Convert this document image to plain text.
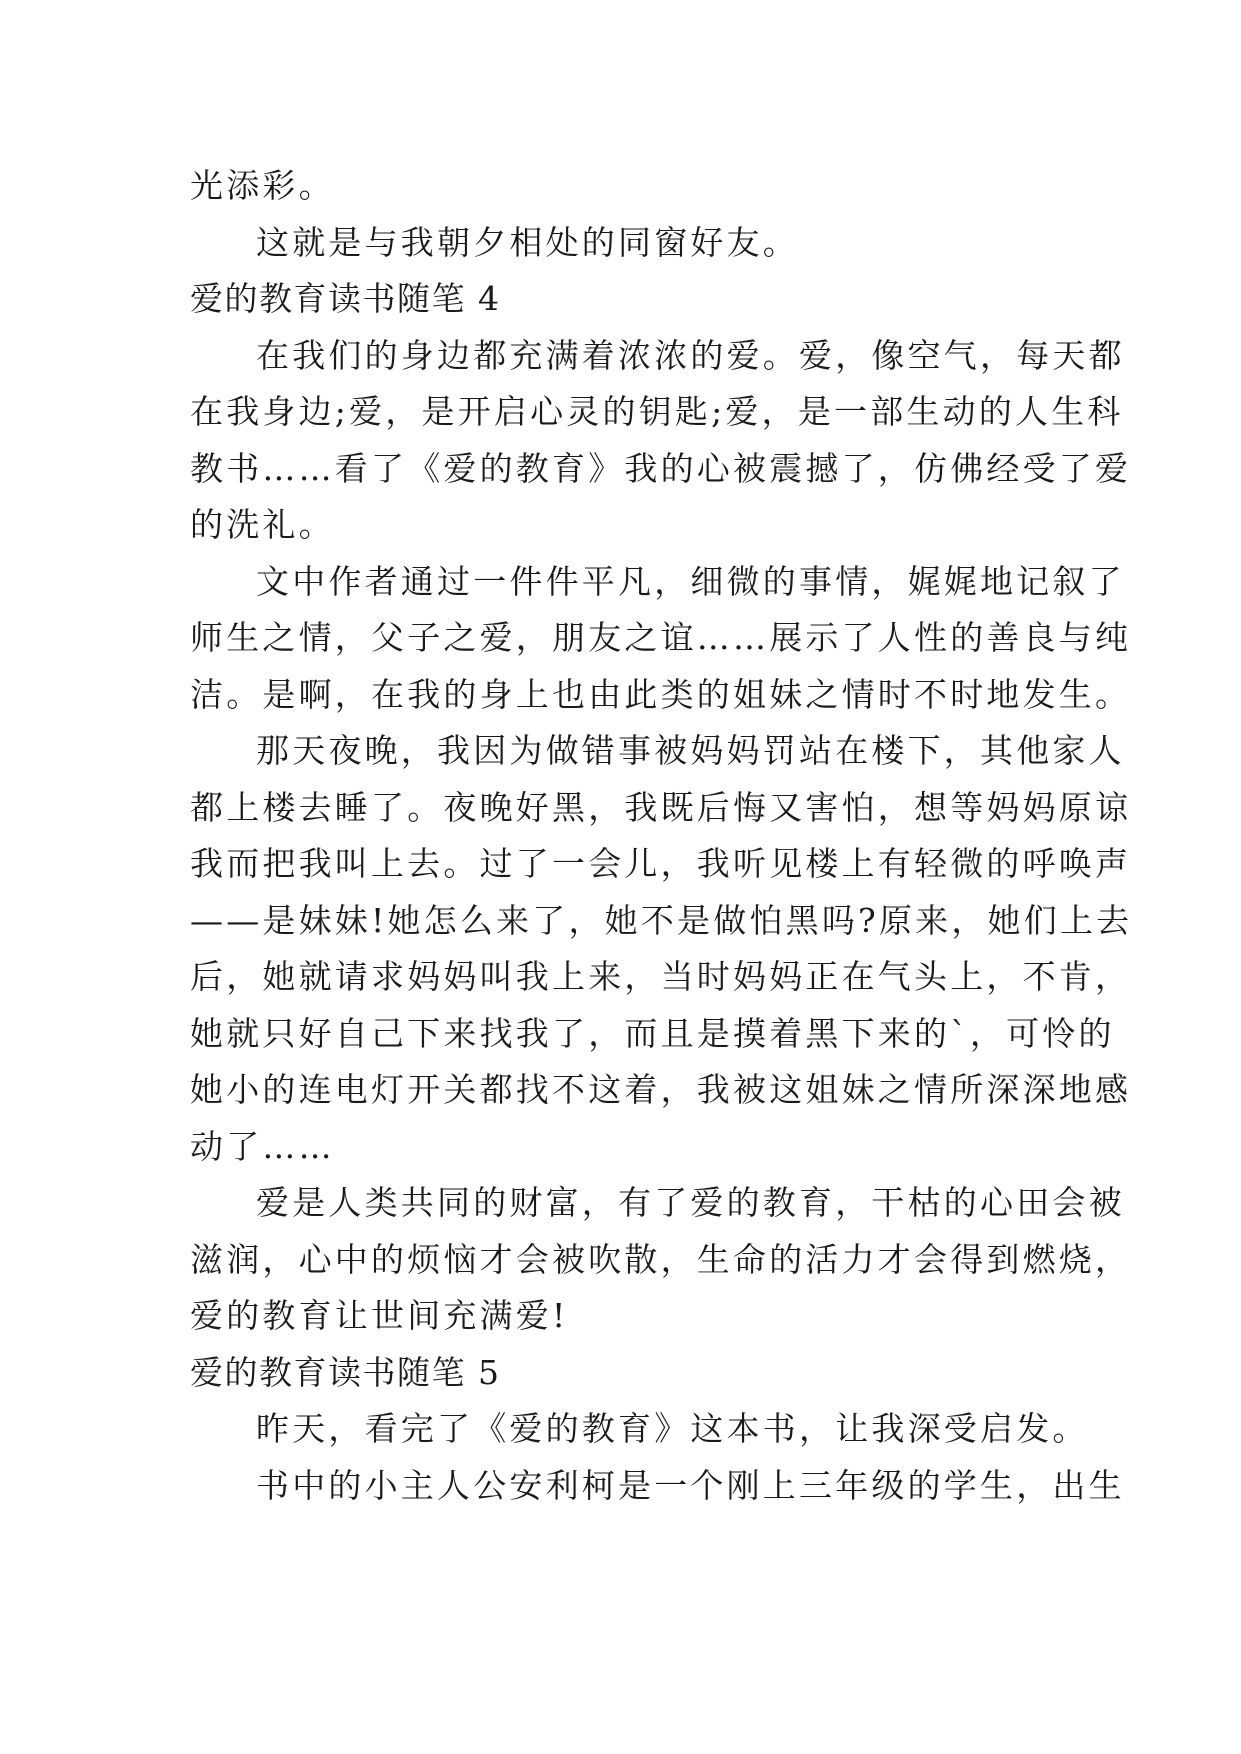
光添彩。
这就是与我朝夕相处的同窗好友。
爱的教育读书随笔 4
在我们的身边都充满着浓浓的爱。爱，像空气，每天都
在我身边;爱，是开启心灵的钥匙;爱，是一部生动的人生科
教书……看了《爱的教育》我的心被震撼了，仿佛经受了爱
的洗礼。
文中作者通过一件件平凡，细微的事情，娓娓地记叙了
师生之情，父子之爱，朋友之谊……展示了人性的善良与纯
洁。是啊，在我的身上也由此类的姐妹之情时不时地发生。
那天夜晚，我因为做错事被妈妈罚站在楼下，其他家人
都上楼去睡了。夜晚好黑，我既后悔又害怕，想等妈妈原谅
我而把我叫上去。过了一会儿，我听见楼上有轻微的呼唤声
——是妹妹!她怎么来了，她不是做怕黑吗?原来，她们上去
后，她就请求妈妈叫我上来，当时妈妈正在气头上，不肯，
她就只好自己下来找我了，而且是摸着黑下来的`，可怜的
她小的连电灯开关都找不这着，我被这姐妹之情所深深地感
动了……
爱是人类共同的财富，有了爱的教育，干枯的心田会被
滋润，心中的烦恼才会被吹散，生命的活力才会得到燃烧，
爱的教育让世间充满爱!
爱的教育读书随笔 5
昨天，看完了《爱的教育》这本书，让我深受启发。
书中的小主人公安利柯是一个刚上三年级的学生，出生
